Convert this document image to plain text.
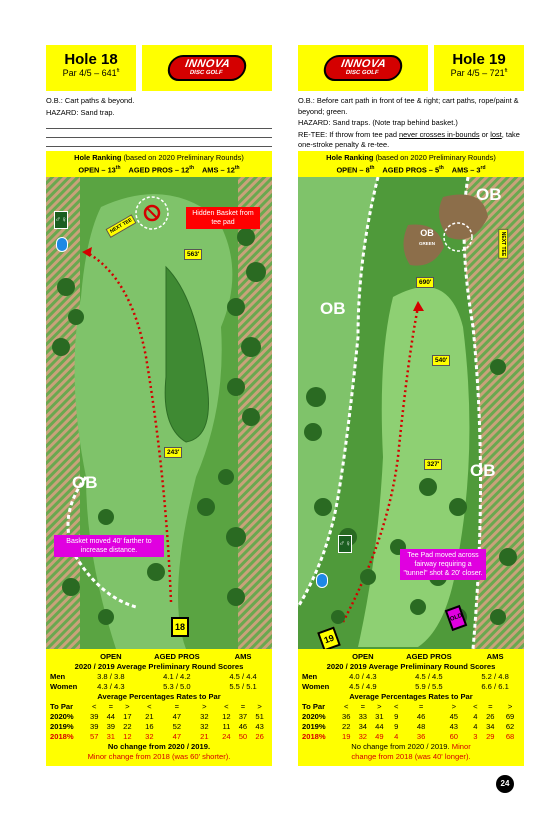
Hole 18
Par $4/5 - 641^{ft}$
INNOVA
DISC GOLF

O.B.: Cart paths & beyond.

HAZARD: Sand trap.

Hole Ranking (based on 2020 Preliminary Rounds)
OPEN – 13th AGED PROS – 12th AMS – 12th
♂♀	NEXT TEE
Hidden Basket from tee pad
563'
243'
OB
Basket moved 40' farther to increase distance.
18
	OPEN			AGED PROS			AMS		
2020 / 2019 Average Preliminary Round Scores									
Men	3.8 / 3.8			4.1 / 4.2			4.5 / 4.4		
Women	4.3 / 4.3			5.3 / 5.0			5.5 / 5.1		
Average Percentages Rates to Par									
To Par	<	=	>	<	=	>	<	=	>
2020%	39	44	17	21	47	32	12	37	51
2019%	39	39	22	16	52	32	11	46	43
2018%	57	31	12	32	47	21	24	50	26
No change from 2020 / 2019.
Minor change from 2018 (was 60' shorter).
INNOVA
DISC GOLF
Hole 19
Par $4/5 - 721^{ft}$

O.B.: Before cart path in front of tee & right; cart paths, rope/paint & beyond; green.

HAZARD: Sand traps. (Note trap behind basket.)

RE-TEE: If throw from tee pad never crosses in-bounds or lost, take one-stroke penalty & re-tee.

Hole Ranking (based on 2020 Preliminary Rounds)
OPEN – 8th AGED PROS – 5th AMS – 3rd
OB
OB
GREEN	NEXT TEE
690'
OB
540'
327' OB
Tee Pad moved across fairway requiring a "tunnel" shot & 20' closer.
♂♀
OLD
19
	OPEN			AGED PROS			AMS		
2020 / 2019 Average Preliminary Round Scores									
Men	4.0 / 4.3			4.5 / 4.5			5.2 / 4.8		
Women	4.5 / 4.9			5.9 / 5.5			6.6 / 6.1		
Average Percentages Rates to Par									
To Par	<	=	>	<	=	>	<	=	>
2020%	36	33	31	9	46	45	4	26	69
2019%	22	34	44	9	48	43	4	34	62
2018%	19	32	49	4	36	60	3	29	68
No change from 2020 / 2019. Minor
change from 2018 (was 40' longer).
24
